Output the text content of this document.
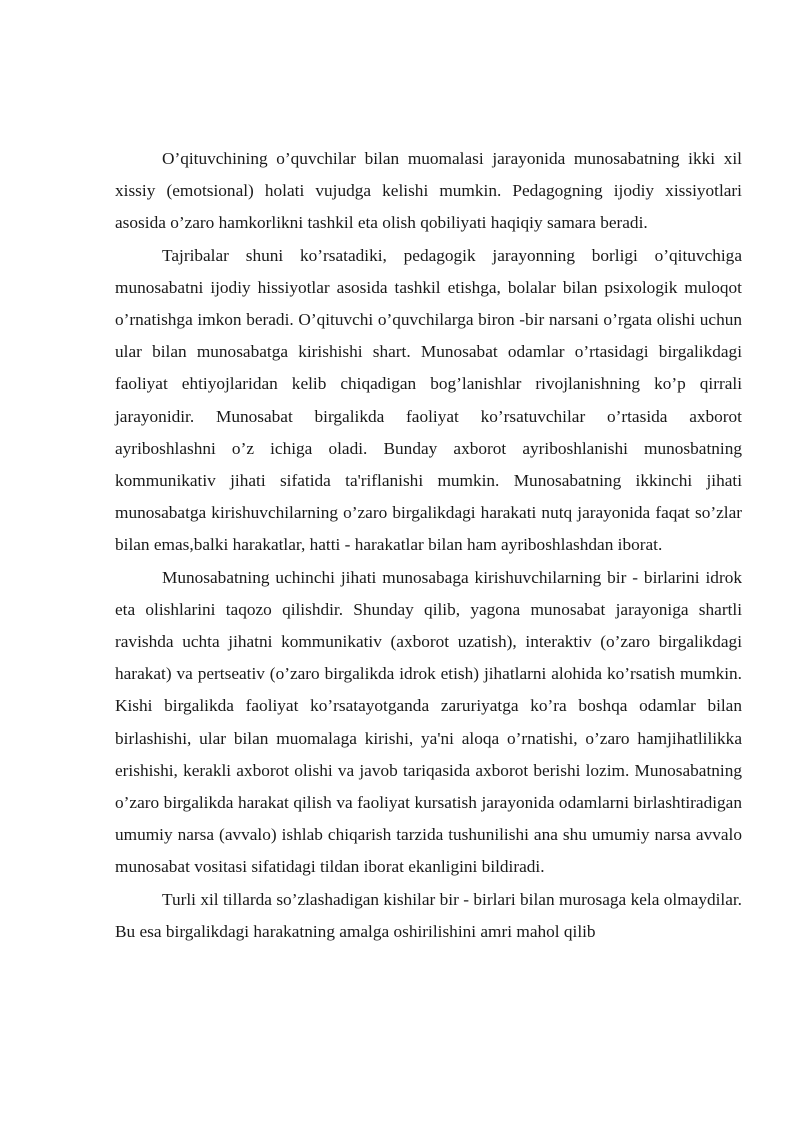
O’qituvchining o’quvchilar bilan muomalasi jarayonida munosabatning ikki xil xissiy (emotsional) holati vujudga kelishi mumkin. Pedagogning ijodiy xissiyotlari asosida o’zaro hamkorlikni tashkil eta olish qobiliyati haqiqiy samara beradi.

Tajribalar shuni ko’rsatadiki, pedagogik jarayonning borligi o’qituvchiga munosabatni ijodiy hissiyotlar asosida tashkil etishga, bolalar bilan psixologik muloqot o’rnatishga imkon beradi. O’qituvchi o’quvchilarga biron -bir narsani o’rgata olishi uchun ular bilan munosabatga kirishishi shart. Munosabat odamlar o’rtasidagi birgalikdagi faoliyat ehtiyojlaridan kelib chiqadigan bog’lanishlar rivojlanishning ko’p qirrali jarayonidir. Munosabat birgalikda faoliyat ko’rsatuvchilar o’rtasida axborot ayriboshlashni o’z ichiga oladi. Bunday axborot ayriboshlanishi munosbatning kommunikativ jihati sifatida ta'riflanishi mumkin. Munosabatning ikkinchi jihati munosabatga kirishuvchilarning o’zaro birgalikdagi harakati nutq jarayonida faqat so’zlar bilan emas,balki harakatlar, hatti - harakatlar bilan ham ayriboshlashdan iborat.

Munosabatning uchinchi jihati munosabaga kirishuvchilarning bir - birlarini idrok eta olishlarini taqozo qilishdir. Shunday qilib, yagona munosabat jarayoniga shartli ravishda uchta jihatni kommunikativ (axborot uzatish), interaktiv (o’zaro birgalikdagi harakat) va pertseativ (o’zaro birgalikda idrok etish) jihatlarni alohida ko’rsatish mumkin. Kishi birgalikda faoliyat ko’rsatayotganda zaruriyatga ko’ra boshqa odamlar bilan birlashishi, ular bilan muomalaga kirishi, ya'ni aloqa o’rnatishi, o’zaro hamjihatlilikka erishishi, kerakli axborot olishi va javob tariqasida axborot berishi lozim. Munosabatning o’zaro birgalikda harakat qilish va faoliyat kursatish jarayonida odamlarni birlashtiradigan umumiy narsa (avvalo) ishlab chiqarish tarzida tushunilishi ana shu umumiy narsa avvalo munosabat vositasi sifatidagi tildan iborat ekanligini bildiradi.

Turli xil tillarda so’zlashadigan kishilar bir - birlari bilan murosaga kela olmaydilar. Bu esa birgalikdagi harakatning amalga oshirilishini amri mahol qilib
